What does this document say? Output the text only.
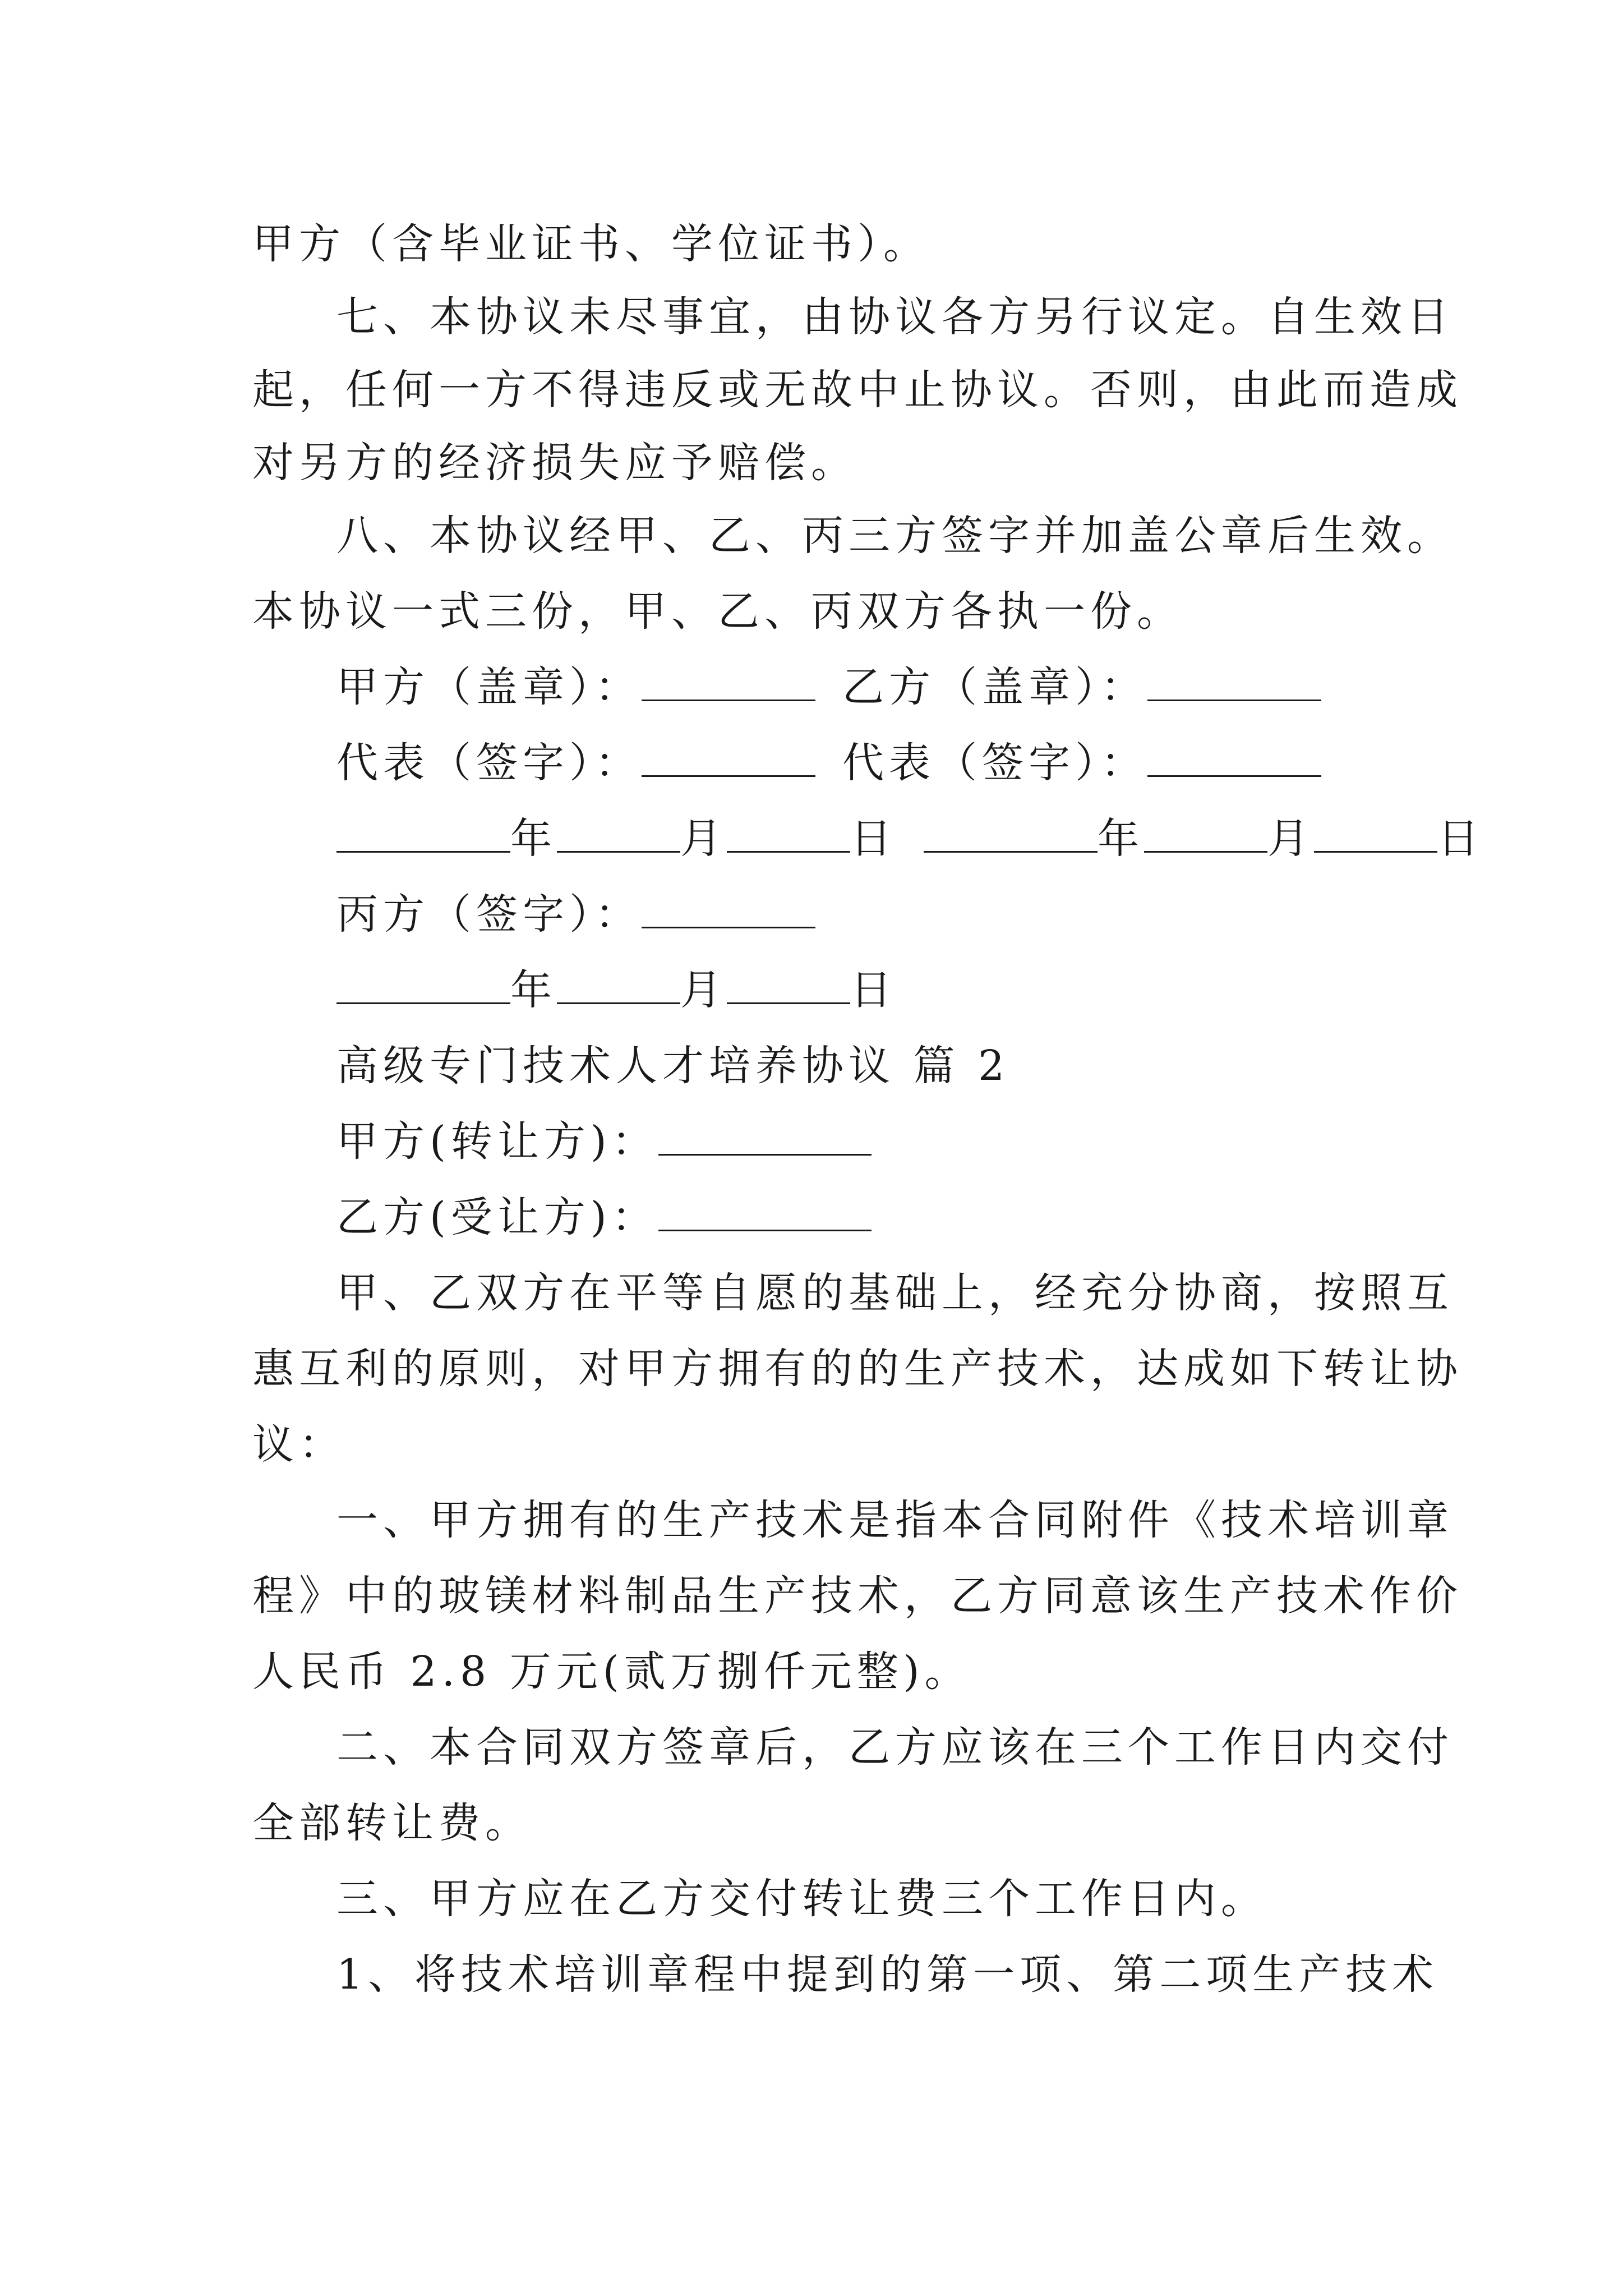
甲方（含毕业证书、学位证书）。
七、本协议未尽事宜，由协议各方另行议定。自生效日
起，任何一方不得违反或无故中止协议。否则，由此而造成
对另方的经济损失应予赔偿。
八、本协议经甲、乙、丙三方签字并加盖公章后生效。
本协议一式三份，甲、乙、丙双方各执一份。
甲方（盖章）：	乙方（盖章）：
代表（签字）：	代表（签字）：
年	月	日	年	月	日
丙方（签字）：
年	月	日
高级专门技术人才培养协议 篇 2
甲方(转让方)：
乙方(受让方)：
甲、乙双方在平等自愿的基础上，经充分协商，按照互
惠互利的原则，对甲方拥有的的生产技术，达成如下转让协
议：
一、甲方拥有的生产技术是指本合同附件《技术培训章
程》中的玻镁材料制品生产技术，乙方同意该生产技术作价
人民币 2.8 万元(贰万捌仟元整)。
二、本合同双方签章后，乙方应该在三个工作日内交付
全部转让费。
三、甲方应在乙方交付转让费三个工作日内。
1、将技术培训章程中提到的第一项、第二项生产技术
